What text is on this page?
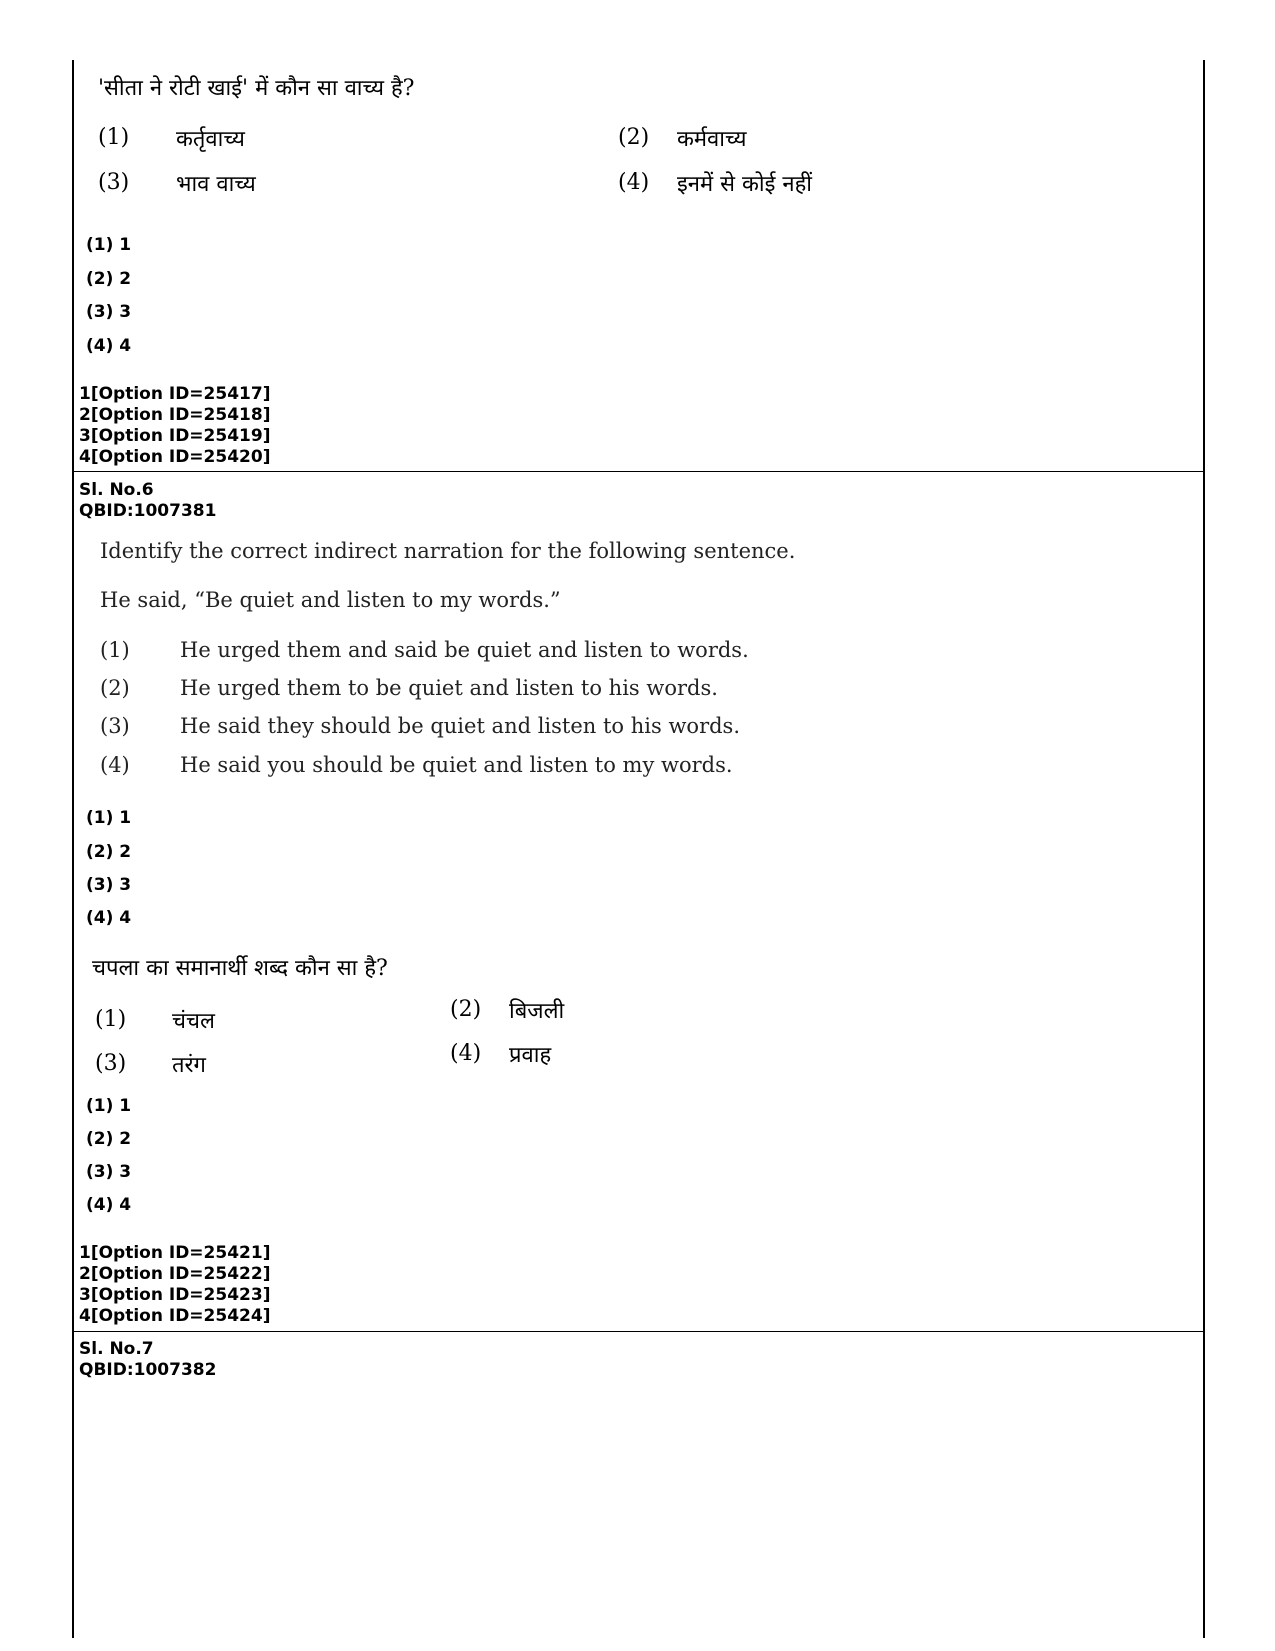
'सीता ने रोटी खाई' में कौन सा वाच्य है?
(1) कर्तृवाच्य	(2) कर्मवाच्य
(3) भाव वाच्य	(4) इनमें से कोई नहीं
(1) 1
(2) 2
(3) 3
(4) 4
1[Option ID=25417]
2[Option ID=25418]
3[Option ID=25419]
4[Option ID=25420]
Sl. No.6
QBID:1007381
Identify the correct indirect narration for the following sentence.
He said, “Be quiet and listen to my words.”
(1) He urged them and said be quiet and listen to words.
(2) He urged them to be quiet and listen to his words.
(3) He said they should be quiet and listen to his words.
(4) He said you should be quiet and listen to my words.
(1) 1
(2) 2
(3) 3
(4) 4
चपला का समानार्थी शब्द कौन सा है?
(1) चंचल	(2) बिजली
(3) तरंग	(4) प्रवाह
(1) 1
(2) 2
(3) 3
(4) 4
1[Option ID=25421]
2[Option ID=25422]
3[Option ID=25423]
4[Option ID=25424]
Sl. No.7
QBID:1007382
